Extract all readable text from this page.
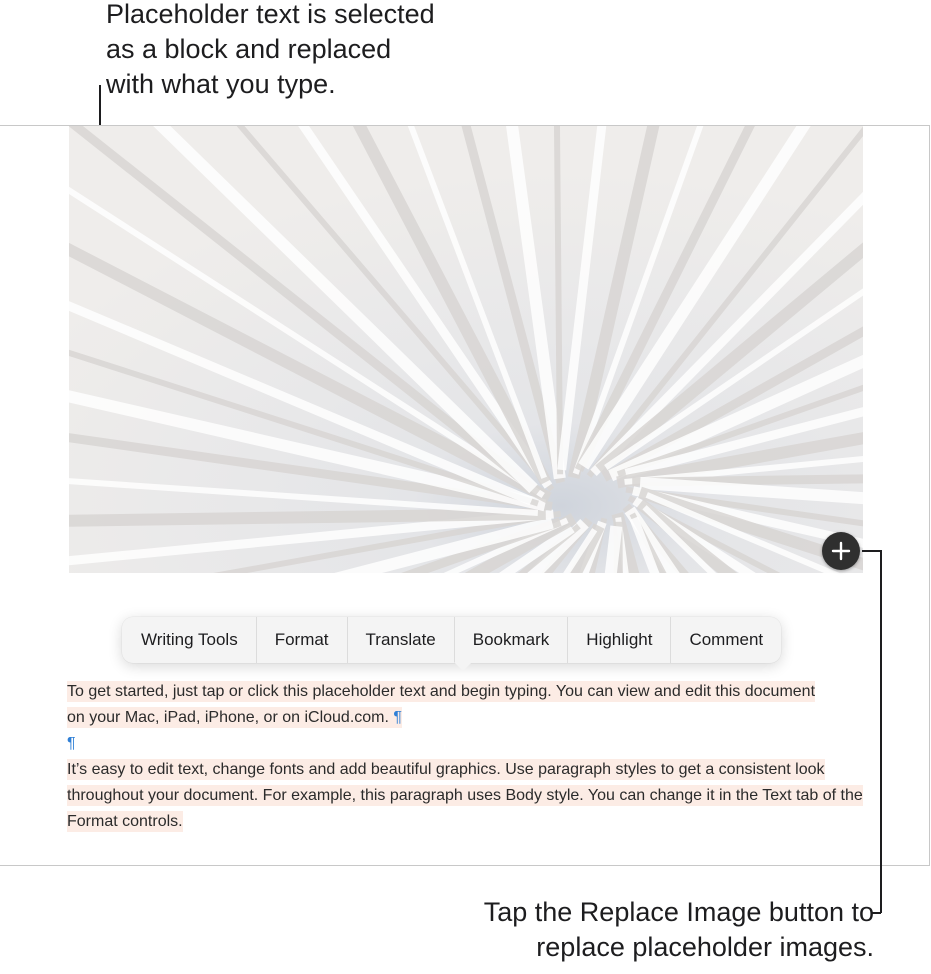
Placeholder text is selected
as a block and replaced
with what you type.

Writing Tools	Format	Translate	Bookmark	Highlight	Comment

To get started, just tap or click this placeholder text and begin typing. You can view and edit this document on your Mac, iPad, iPhone, or on iCloud.com. ¶

¶

It’s easy to edit text, change fonts and add beautiful graphics. Use paragraph styles to get a consistent look throughout your document. For example, this paragraph uses Body style. You can change it in the Text tab of the Format controls.

Tap the Replace Image button to
replace placeholder images.
